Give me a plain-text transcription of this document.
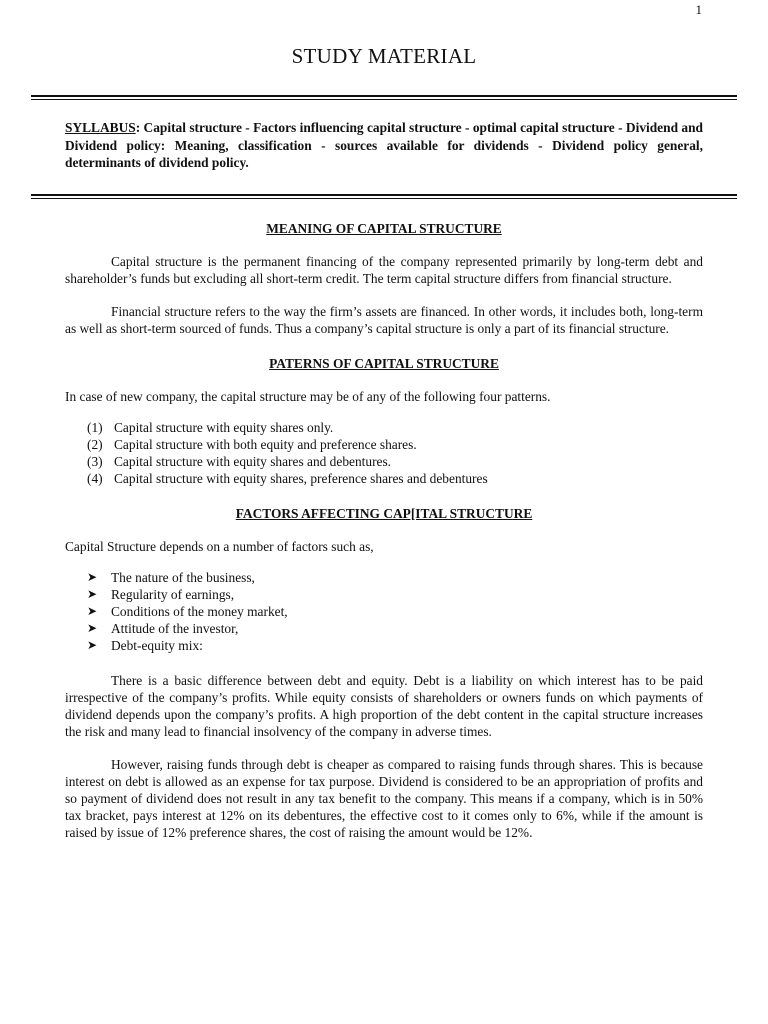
1
STUDY MATERIAL
SYLLABUS: Capital structure - Factors influencing capital structure - optimal capital structure - Dividend and Dividend policy: Meaning, classification - sources available for dividends - Dividend policy general, determinants of dividend policy.

MEANING OF CAPITAL STRUCTURE

Capital structure is the permanent financing of the company represented primarily by long-term debt and shareholder’s funds but excluding all short-term credit. The term capital structure differs from financial structure.

Financial structure refers to the way the firm’s assets are financed. In other words, it includes both, long-term as well as short-term sourced of funds. Thus a company’s capital structure is only a part of its financial structure.

PATERNS OF CAPITAL STRUCTURE

In case of new company, the capital structure may be of any of the following four patterns.

(1) Capital structure with equity shares only.
(2) Capital structure with both equity and preference shares.
(3) Capital structure with equity shares and debentures.
(4) Capital structure with equity shares, preference shares and debentures

FACTORS AFFECTING CAP[ITAL STRUCTURE

Capital Structure depends on a number of factors such as,

➤	The nature of the business,
➤	Regularity of earnings,
➤	Conditions of the money market,
➤	Attitude of the investor,
➤	Debt-equity mix:

There is a basic difference between debt and equity. Debt is a liability on which interest has to be paid irrespective of the company’s profits. While equity consists of shareholders or owners funds on which payments of dividend depends upon the company’s profits. A high proportion of the debt content in the capital structure increases the risk and many lead to financial insolvency of the company in adverse times.

However, raising funds through debt is cheaper as compared to raising funds through shares. This is because interest on debt is allowed as an expense for tax purpose. Dividend is considered to be an appropriation of profits and so payment of dividend does not result in any tax benefit to the company. This means if a company, which is in 50% tax bracket, pays interest at 12% on its debentures, the effective cost to it comes only to 6%, while if the amount is raised by issue of 12% preference shares, the cost of raising the amount would be 12%.
